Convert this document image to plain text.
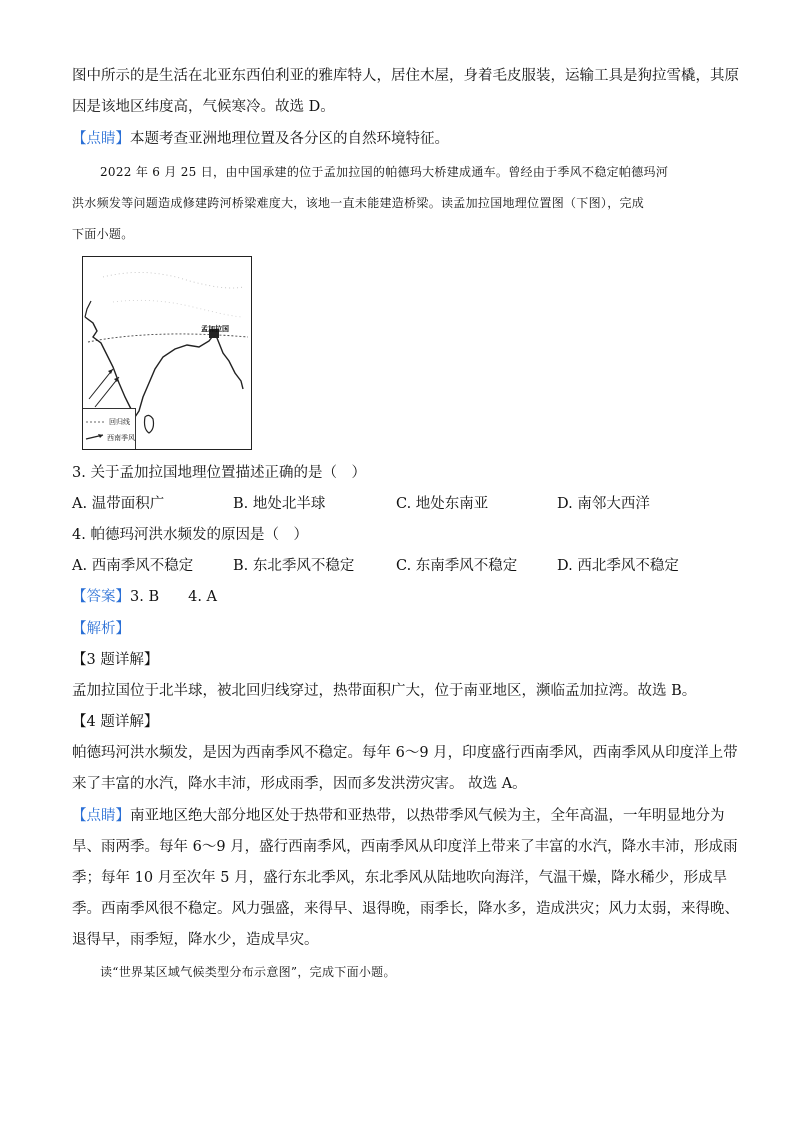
图中所示的是生活在北亚东西伯利亚的雅库特人，居住木屋，身着毛皮服装，运输工具是狗拉雪橇，其原
因是该地区纬度高，气候寒冷。故选 D。
【点睛】本题考查亚洲地理位置及各分区的自然环境特征。
2022 年 6 月 25 日，由中国承建的位于孟加拉国的帕德玛大桥建成通车。曾经由于季风不稳定帕德玛河
洪水频发等问题造成修建跨河桥梁难度大，该地一直未能建造桥梁。读孟加拉国地理位置图（下图），完成
下面小题。
孟加拉国
回归线
西南季风
3. 关于孟加拉国地理位置描述正确的是（　）
A. 温带面积广	B. 地处北半球	C. 地处东南亚	D. 南邻大西洋
4. 帕德玛河洪水频发的原因是（　）
A. 西南季风不稳定	B. 东北季风不稳定	C. 东南季风不稳定	D. 西北季风不稳定
【答案】3. B　　4. A
【解析】
【3 题详解】
孟加拉国位于北半球，被北回归线穿过，热带面积广大，位于南亚地区，濒临孟加拉湾。故选 B。
【4 题详解】
帕德玛河洪水频发，是因为西南季风不稳定。每年 6～9 月，印度盛行西南季风，西南季风从印度洋上带
来了丰富的水汽，降水丰沛，形成雨季，因而多发洪涝灾害。 故选 A。
【点睛】南亚地区绝大部分地区处于热带和亚热带，以热带季风气候为主，全年高温，一年明显地分为
旱、雨两季。每年 6～9 月，盛行西南季风，西南季风从印度洋上带来了丰富的水汽，降水丰沛，形成雨
季；每年 10 月至次年 5 月，盛行东北季风，东北季风从陆地吹向海洋，气温干燥，降水稀少，形成旱
季。西南季风很不稳定。风力强盛，来得早、退得晚，雨季长，降水多，造成洪灾；风力太弱，来得晚、
退得早，雨季短，降水少，造成旱灾。
读“世界某区域气候类型分布示意图”，完成下面小题。
